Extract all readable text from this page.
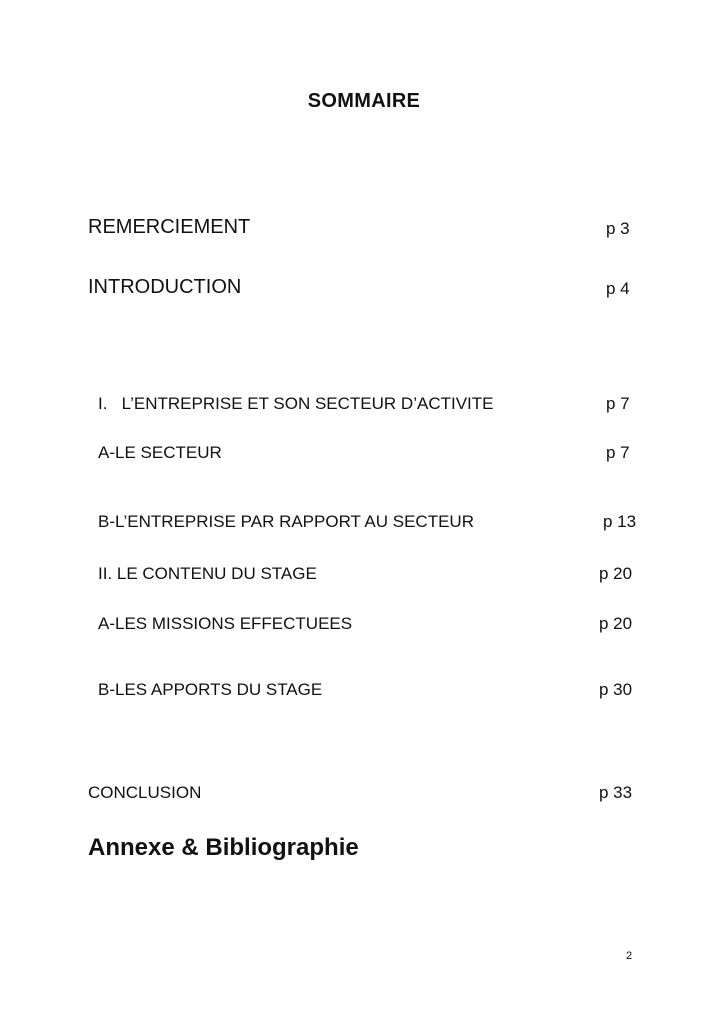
SOMMAIRE
REMERCIEMENT	p 3
INTRODUCTION	p 4
I.   L’ENTREPRISE ET SON SECTEUR D’ACTIVITE	p 7
A-LE SECTEUR	p 7
B-L’ENTREPRISE PAR RAPPORT AU SECTEUR	p 13
II. LE CONTENU DU STAGE	p 20
A-LES MISSIONS EFFECTUEES	p 20
B-LES APPORTS DU STAGE	p 30
CONCLUSION	p 33
Annexe & Bibliographie
2
